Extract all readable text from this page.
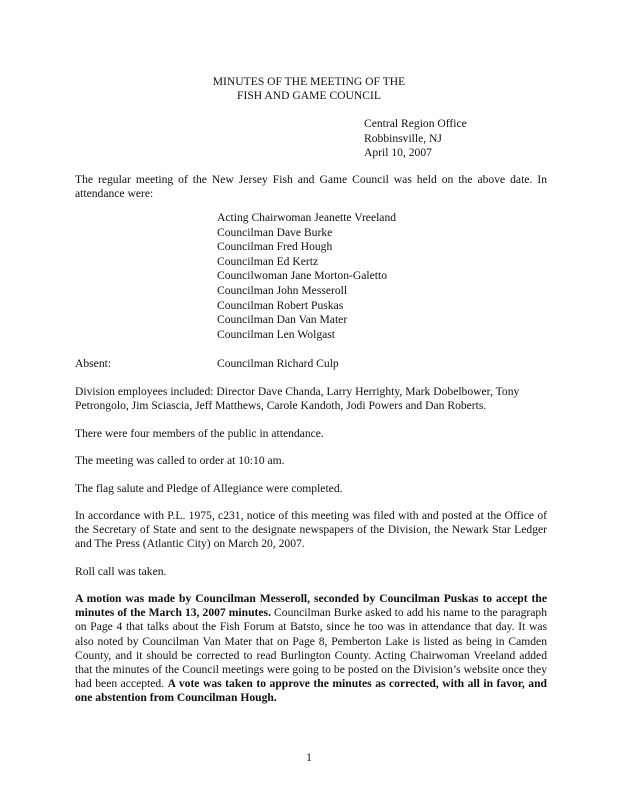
MINUTES OF THE MEETING OF THE
FISH AND GAME COUNCIL
Central Region Office
Robbinsville, NJ
April 10, 2007
The regular meeting of the New Jersey Fish and Game Council was held on the above date. In attendance were:
Acting Chairwoman Jeanette Vreeland
Councilman Dave Burke
Councilman Fred Hough
Councilman Ed Kertz
Councilwoman Jane Morton-Galetto
Councilman John Messeroll
Councilman Robert Puskas
Councilman Dan Van Mater
Councilman Len Wolgast
Absent:	Councilman Richard Culp
Division employees included: Director Dave Chanda, Larry Herrighty, Mark Dobelbower, Tony Petrongolo, Jim Sciascia, Jeff Matthews, Carole Kandoth, Jodi Powers and Dan Roberts.
There were four members of the public in attendance.
The meeting was called to order at 10:10 am.
The flag salute and Pledge of Allegiance were completed.
In accordance with P.L. 1975, c231, notice of this meeting was filed with and posted at the Office of the Secretary of State and sent to the designate newspapers of the Division, the Newark Star Ledger and The Press (Atlantic City) on March 20, 2007.
Roll call was taken.
A motion was made by Councilman Messeroll, seconded by Councilman Puskas to accept the minutes of the March 13, 2007 minutes. Councilman Burke asked to add his name to the paragraph on Page 4 that talks about the Fish Forum at Batsto, since he too was in attendance that day. It was also noted by Councilman Van Mater that on Page 8, Pemberton Lake is listed as being in Camden County, and it should be corrected to read Burlington County. Acting Chairwoman Vreeland added that the minutes of the Council meetings were going to be posted on the Division’s website once they had been accepted. A vote was taken to approve the minutes as corrected, with all in favor, and one abstention from Councilman Hough.
1
